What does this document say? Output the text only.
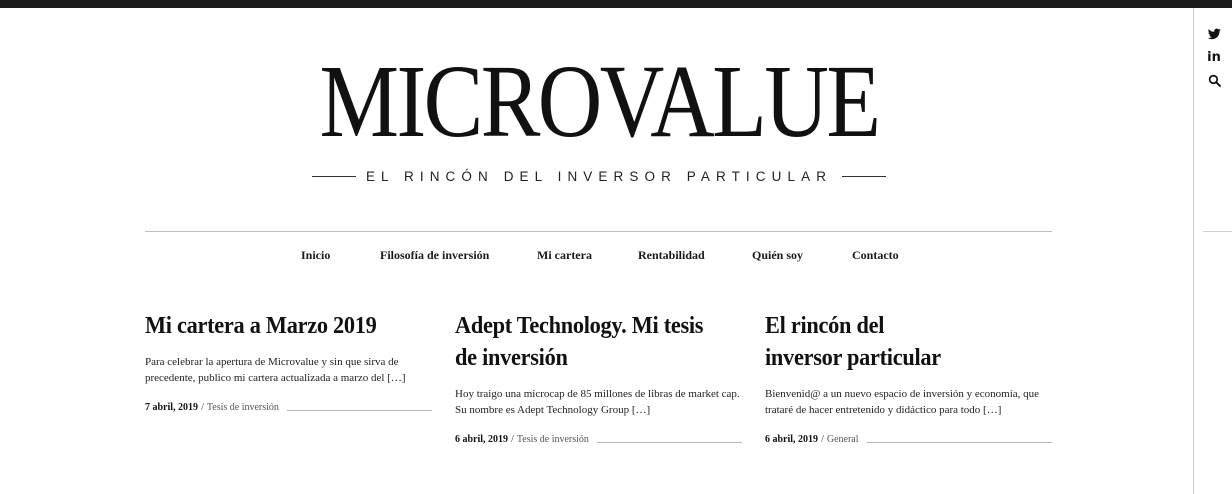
in
MICROVALUE
EL RINCÓN DEL INVERSOR PARTICULAR
Inicio	Filosofía de inversión	Mi cartera	Rentabilidad	Quién soy	Contacto
Mi cartera a Marzo 2019

Para celebrar la apertura de Microvalue y sin que sirva de precedente, publico mi cartera actualizada a marzo del […]

7 abril, 2019 / Tesis de inversión
Adept Technology. Mi tesis
de inversión

Hoy traigo una microcap de 85 millones de libras de market cap. Su nombre es Adept Technology Group […]

6 abril, 2019 / Tesis de inversión
El rincón del
inversor particular

Bienvenid@ a un nuevo espacio de inversión y economía, que trataré de hacer entretenido y didáctico para todo […]

6 abril, 2019 / General
